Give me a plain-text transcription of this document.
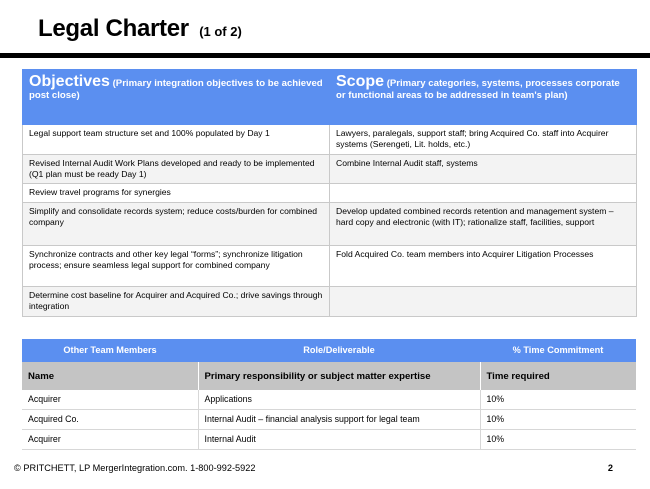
Legal Charter (1 of 2)
Objectives (Primary integration objectives to be achieved post close)	Scope (Primary categories, systems, processes corporate or functional areas to be addressed in team's plan)
Legal support team structure set and 100% populated by Day 1	Lawyers, paralegals, support staff; bring Acquired Co. staff into Acquirer systems (Serengeti, Lit. holds, etc.)
Revised Internal Audit Work Plans developed and ready to be implemented (Q1 plan must be ready Day 1)	Combine Internal Audit staff, systems
Review travel programs for synergies	
Simplify and consolidate records system; reduce costs/burden for combined company	Develop updated combined records retention and management system – hard copy and electronic (with IT); rationalize staff, facilities, support
Synchronize contracts and other key legal “forms”; synchronize litigation process; ensure seamless legal support for combined company	Fold Acquired Co. team members into Acquirer Litigation Processes
Determine cost baseline for Acquirer and Acquired Co.; drive savings through integration	
Other Team Members	Role/Deliverable	% Time Commitment
Name	Primary responsibility or subject matter expertise	Time required
Acquirer	Applications	10%
Acquired Co.	Internal Audit – financial analysis support for legal team	10%
Acquirer	Internal Audit	10%
© PRITCHETT, LP MergerIntegration.com. 1-800-992-5922	2
